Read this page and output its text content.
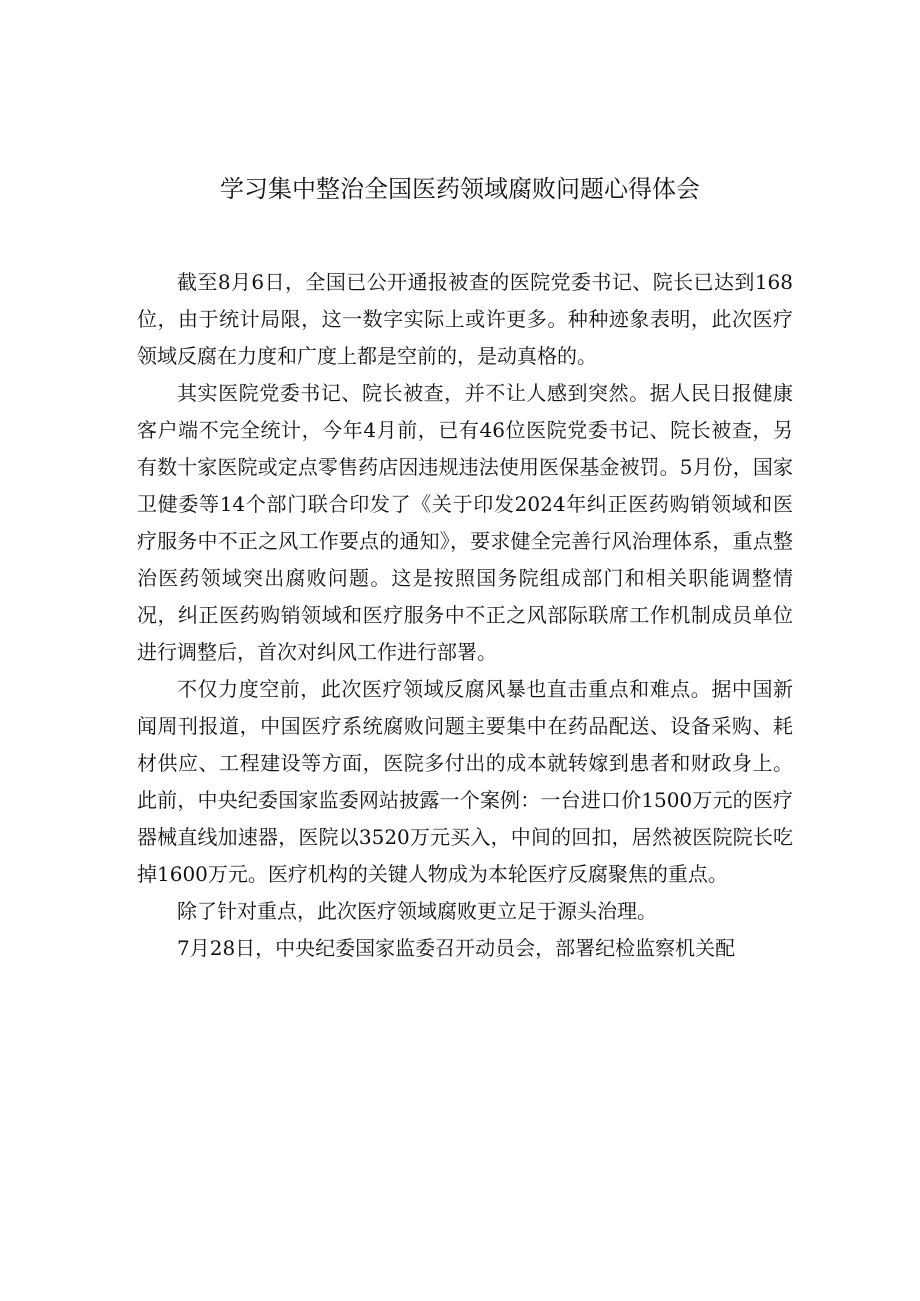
学习集中整治全国医药领域腐败问题心得体会

截至8月6日，全国已公开通报被查的医院党委书记、院长已达到168位，由于统计局限，这一数字实际上或许更多。种种迹象表明，此次医疗领域反腐在力度和广度上都是空前的，是动真格的。

其实医院党委书记、院长被查，并不让人感到突然。据人民日报健康客户端不完全统计，今年4月前，已有46位医院党委书记、院长被查，另有数十家医院或定点零售药店因违规违法使用医保基金被罚。5月份，国家卫健委等14个部门联合印发了《关于印发2024年纠正医药购销领域和医疗服务中不正之风工作要点的通知》，要求健全完善行风治理体系，重点整治医药领域突出腐败问题。这是按照国务院组成部门和相关职能调整情况，纠正医药购销领域和医疗服务中不正之风部际联席工作机制成员单位进行调整后，首次对纠风工作进行部署。

不仅力度空前，此次医疗领域反腐风暴也直击重点和难点。据中国新闻周刊报道，中国医疗系统腐败问题主要集中在药品配送、设备采购、耗材供应、工程建设等方面，医院多付出的成本就转嫁到患者和财政身上。此前，中央纪委国家监委网站披露一个案例：一台进口价1500万元的医疗器械直线加速器，医院以3520万元买入，中间的回扣，居然被医院院长吃掉1600万元。医疗机构的关键人物成为本轮医疗反腐聚焦的重点。

除了针对重点，此次医疗领域腐败更立足于源头治理。

7月28日，中央纪委国家监委召开动员会，部署纪检监察机关配
